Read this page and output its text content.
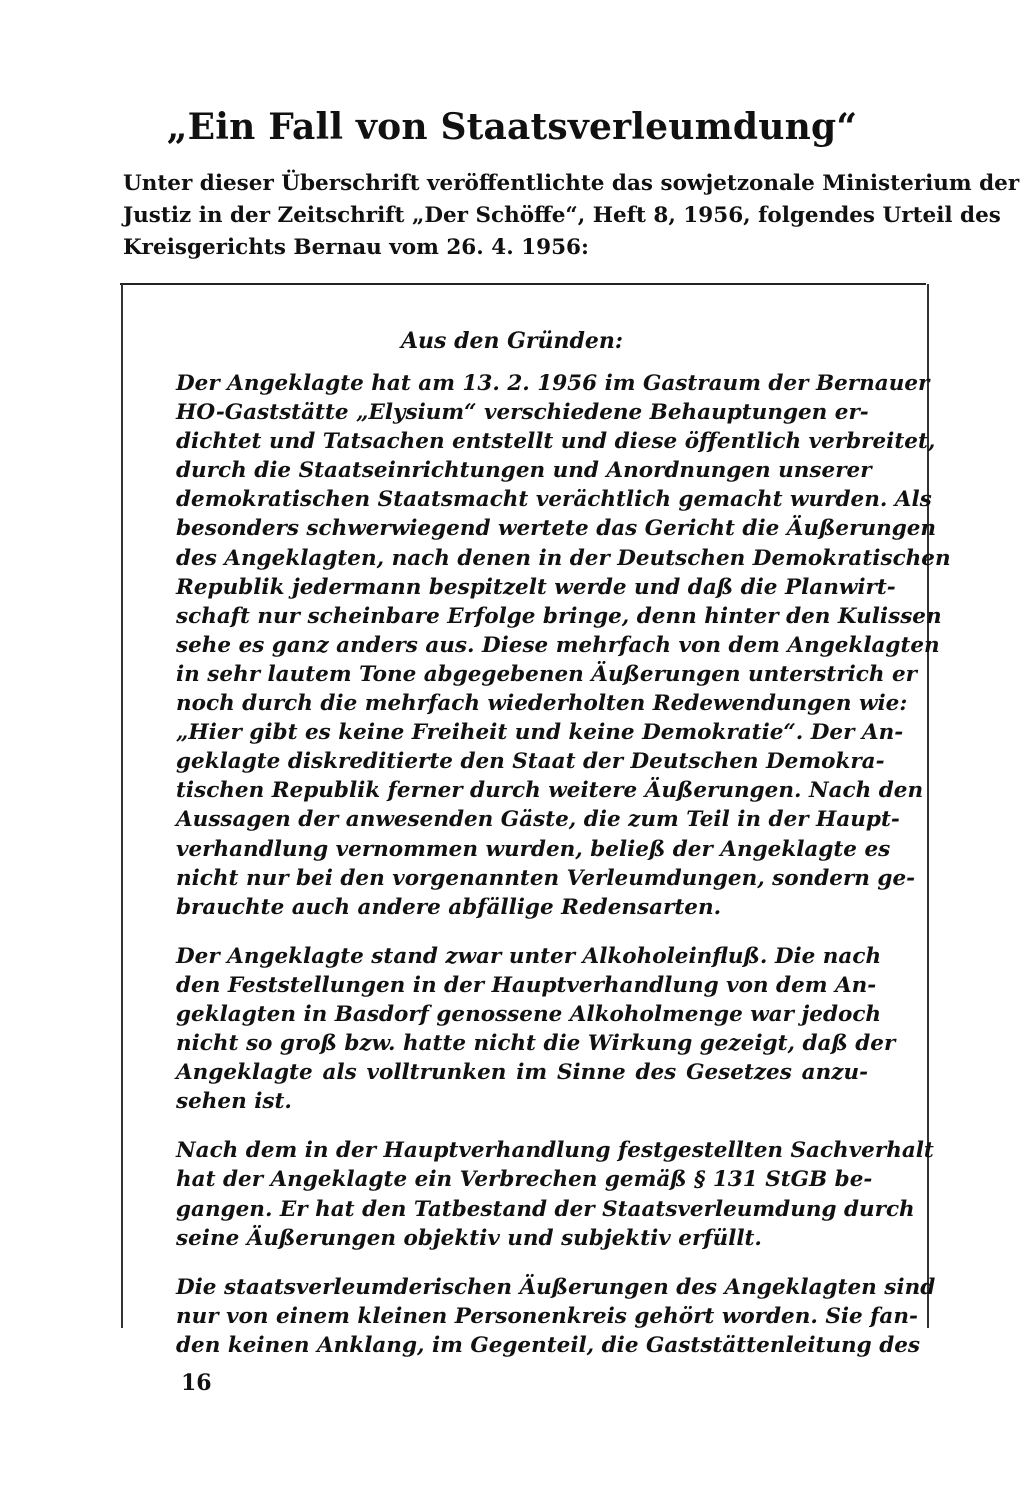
„Ein Fall von Staatsverleumdung“

Unter dieser Überschrift veröffentlichte das sowjetzonale Ministerium der
Justiz in der Zeitschrift „Der Schöffe“, Heft 8, 1956, folgendes Urteil des
Kreisgerichts Bernau vom 26. 4. 1956:

Aus den Gründen:

Der Angeklagte hat am 13. 2. 1956 im Gastraum der Bernauer
HO-Gaststätte „Elysium“ verschiedene Behauptungen er-
dichtet und Tatsachen entstellt und diese öffentlich verbreitet,
durch die Staatseinrichtungen und Anordnungen unserer
demokratischen Staatsmacht verächtlich gemacht wurden. Als
besonders schwerwiegend wertete das Gericht die Äußerungen
des Angeklagten, nach denen in der Deutschen Demokratischen
Republik jedermann bespitzelt werde und daß die Planwirt-
schaft nur scheinbare Erfolge bringe, denn hinter den Kulissen
sehe es ganz anders aus. Diese mehrfach von dem Angeklagten
in sehr lautem Tone abgegebenen Äußerungen unterstrich er
noch durch die mehrfach wiederholten Redewendungen wie:
„Hier gibt es keine Freiheit und keine Demokratie“. Der An-
geklagte diskreditierte den Staat der Deutschen Demokra-
tischen Republik ferner durch weitere Äußerungen. Nach den
Aussagen der anwesenden Gäste, die zum Teil in der Haupt-
verhandlung vernommen wurden, beließ der Angeklagte es
nicht nur bei den vorgenannten Verleumdungen, sondern ge-
brauchte auch andere abfällige Redensarten.

Der Angeklagte stand zwar unter Alkoholeinfluß. Die nach
den Feststellungen in der Hauptverhandlung von dem An-
geklagten in Basdorf genossene Alkoholmenge war jedoch
nicht so groß bzw. hatte nicht die Wirkung gezeigt, daß der
Angeklagte als volltrunken im Sinne des Gesetzes anzu-
sehen ist.

Nach dem in der Hauptverhandlung festgestellten Sachverhalt
hat der Angeklagte ein Verbrechen gemäß § 131 StGB be-
gangen. Er hat den Tatbestand der Staatsverleumdung durch
seine Äußerungen objektiv und subjektiv erfüllt.

Die staatsverleumderischen Äußerungen des Angeklagten sind
nur von einem kleinen Personenkreis gehört worden. Sie fan-
den keinen Anklang, im Gegenteil, die Gaststättenleitung des

16
